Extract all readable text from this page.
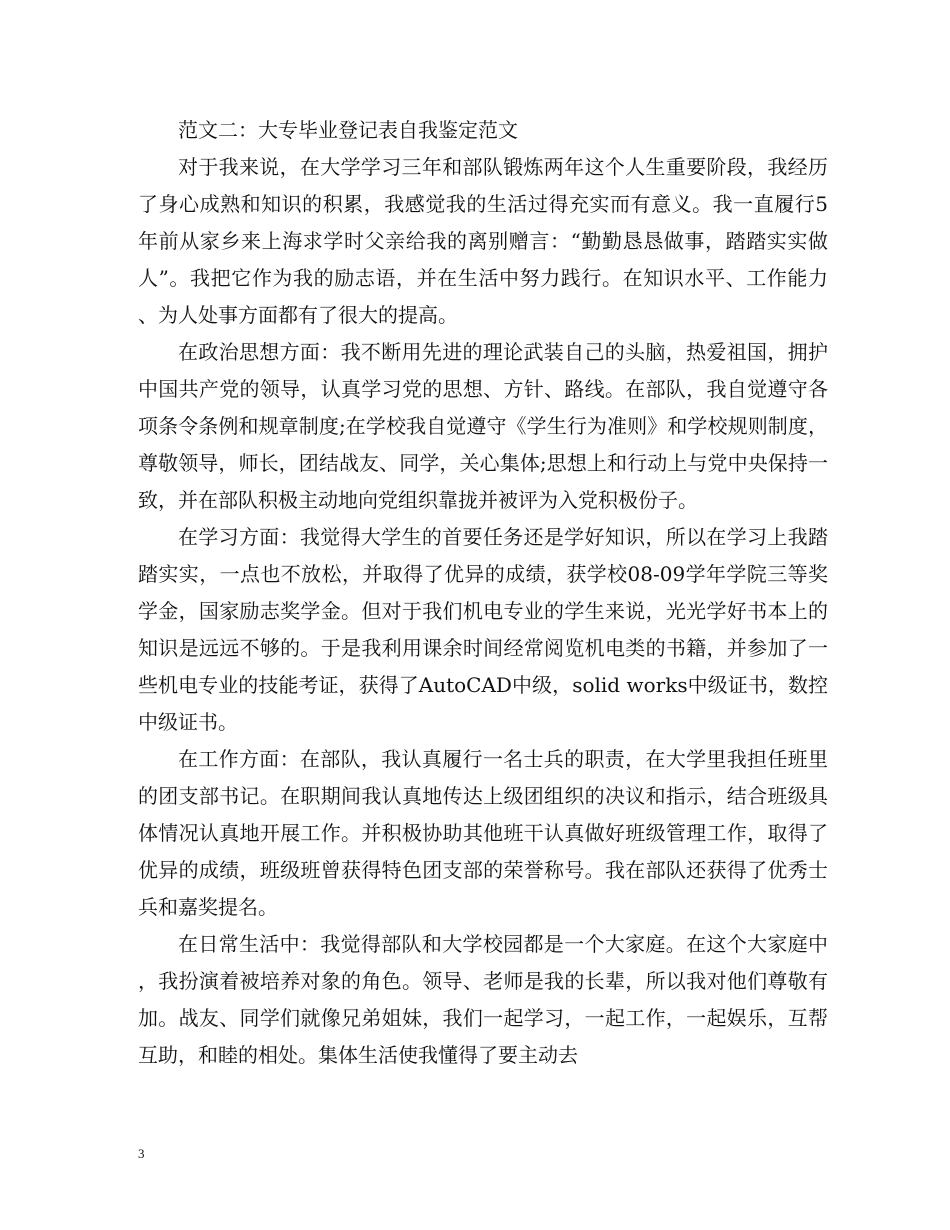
范文二：大专毕业登记表自我鉴定范文

对于我来说，在大学学习三年和部队锻炼两年这个人生重要阶段，我经历了身心成熟和知识的积累，我感觉我的生活过得充实而有意义。我一直履行5年前从家乡来上海求学时父亲给我的离别赠言：“勤勤恳恳做事，踏踏实实做人”。我把它作为我的励志语，并在生活中努力践行。在知识水平、工作能力、为人处事方面都有了很大的提高。

在政治思想方面：我不断用先进的理论武装自己的头脑，热爱祖国，拥护中国共产党的领导，认真学习党的思想、方针、路线。在部队，我自觉遵守各项条令条例和规章制度;在学校我自觉遵守《学生行为准则》和学校规则制度，尊敬领导，师长，团结战友、同学，关心集体;思想上和行动上与党中央保持一致，并在部队积极主动地向党组织靠拢并被评为入党积极份子。

在学习方面：我觉得大学生的首要任务还是学好知识，所以在学习上我踏踏实实，一点也不放松，并取得了优异的成绩，获学校08-09学年学院三等奖学金，国家励志奖学金。但对于我们机电专业的学生来说，光光学好书本上的知识是远远不够的。于是我利用课余时间经常阅览机电类的书籍，并参加了一些机电专业的技能考证，获得了AutoCAD中级，solid works中级证书，数控中级证书。

在工作方面：在部队，我认真履行一名士兵的职责，在大学里我担任班里的团支部书记。在职期间我认真地传达上级团组织的决议和指示，结合班级具体情况认真地开展工作。并积极协助其他班干认真做好班级管理工作，取得了优异的成绩，班级班曾获得特色团支部的荣誉称号。我在部队还获得了优秀士兵和嘉奖提名。

在日常生活中：我觉得部队和大学校园都是一个大家庭。在这个大家庭中，我扮演着被培养对象的角色。领导、老师是我的长辈，所以我对他们尊敬有加。战友、同学们就像兄弟姐妹，我们一起学习，一起工作，一起娱乐，互帮互助，和睦的相处。集体生活使我懂得了要主动去

3
